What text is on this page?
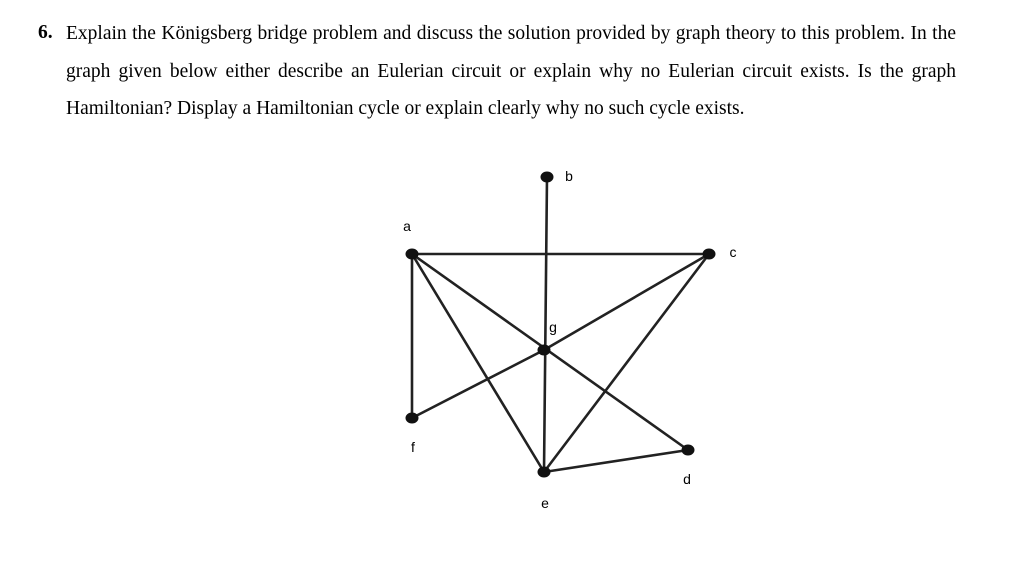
6. Explain the Königsberg bridge problem and discuss the solution provided by graph theory to this problem. In the graph given below either describe an Eulerian circuit or explain why no Eulerian circuit exists. Is the graph Hamiltonian? Display a Hamiltonian cycle or explain clearly why no such cycle exists.
a
b
c
d
e
f
g
